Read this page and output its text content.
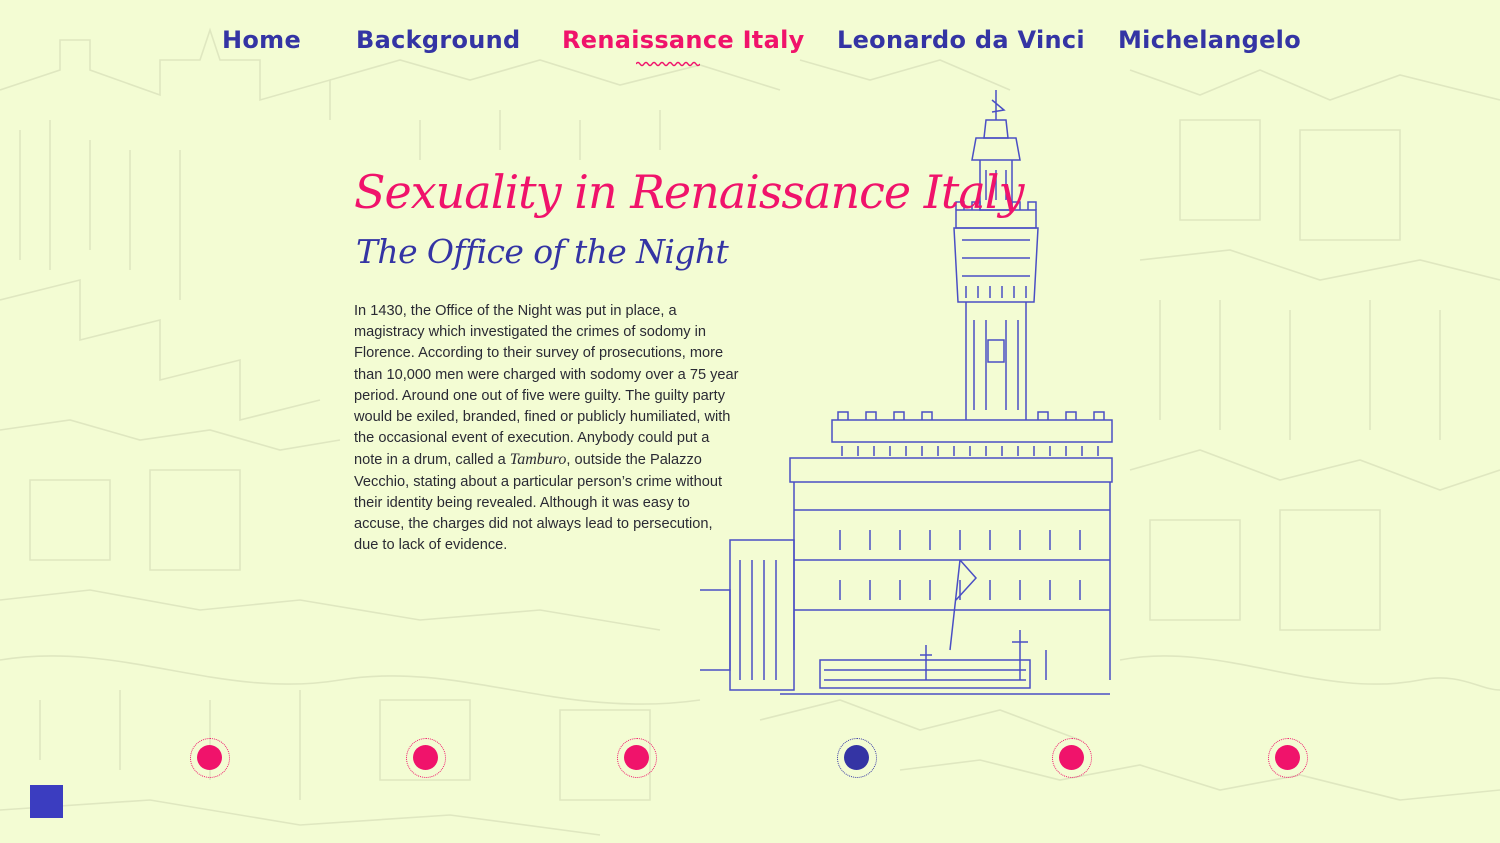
Home Background Renaissance Italy Leonardo da Vinci Michelangelo
Sexuality in Renaissance Italy
The Office of the Night

In 1430, the Office of the Night was put in place, a magistracy which investigated the crimes of sodomy in Florence. According to their survey of prosecutions, more than 10,000 men were charged with sodomy over a 75 year period. Around one out of five were guilty. The guilty party would be exiled, branded, fined or publicly humiliated, with the occasional event of execution. Anybody could put a note in a drum, called a Tamburo, outside the Palazzo Vecchio, stating about a particular person’s crime without their identity being revealed. Although it was easy to accuse, the charges did not always lead to persecution, due to lack of evidence.
